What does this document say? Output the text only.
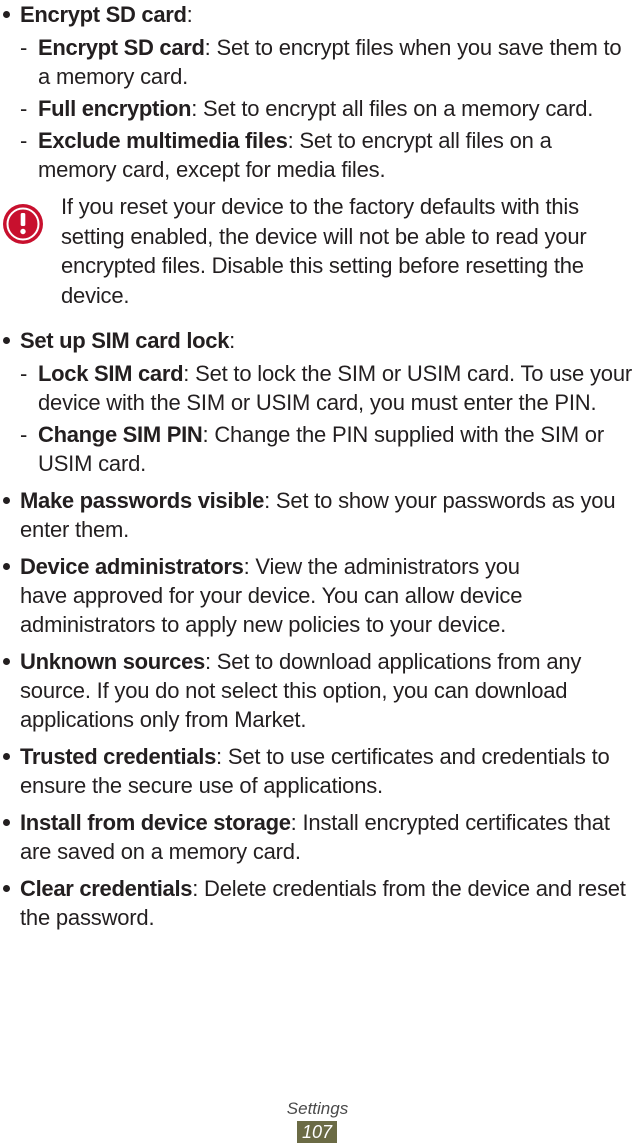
Encrypt SD card:
- Encrypt SD card: Set to encrypt files when you save them to a memory card.
- Full encryption: Set to encrypt all files on a memory card.
- Exclude multimedia files: Set to encrypt all files on a memory card, except for media files.
If you reset your device to the factory defaults with this setting enabled, the device will not be able to read your encrypted files. Disable this setting before resetting the device.
Set up SIM card lock:
- Lock SIM card: Set to lock the SIM or USIM card. To use your device with the SIM or USIM card, you must enter the PIN.
- Change SIM PIN: Change the PIN supplied with the SIM or USIM card.
Make passwords visible: Set to show your passwords as you enter them.
Device administrators: View the administrators you have approved for your device. You can allow device administrators to apply new policies to your device.
Unknown sources: Set to download applications from any source. If you do not select this option, you can download applications only from Market.
Trusted credentials: Set to use certificates and credentials to ensure the secure use of applications.
Install from device storage: Install encrypted certificates that are saved on a memory card.
Clear credentials: Delete credentials from the device and reset the password.
Settings
107
